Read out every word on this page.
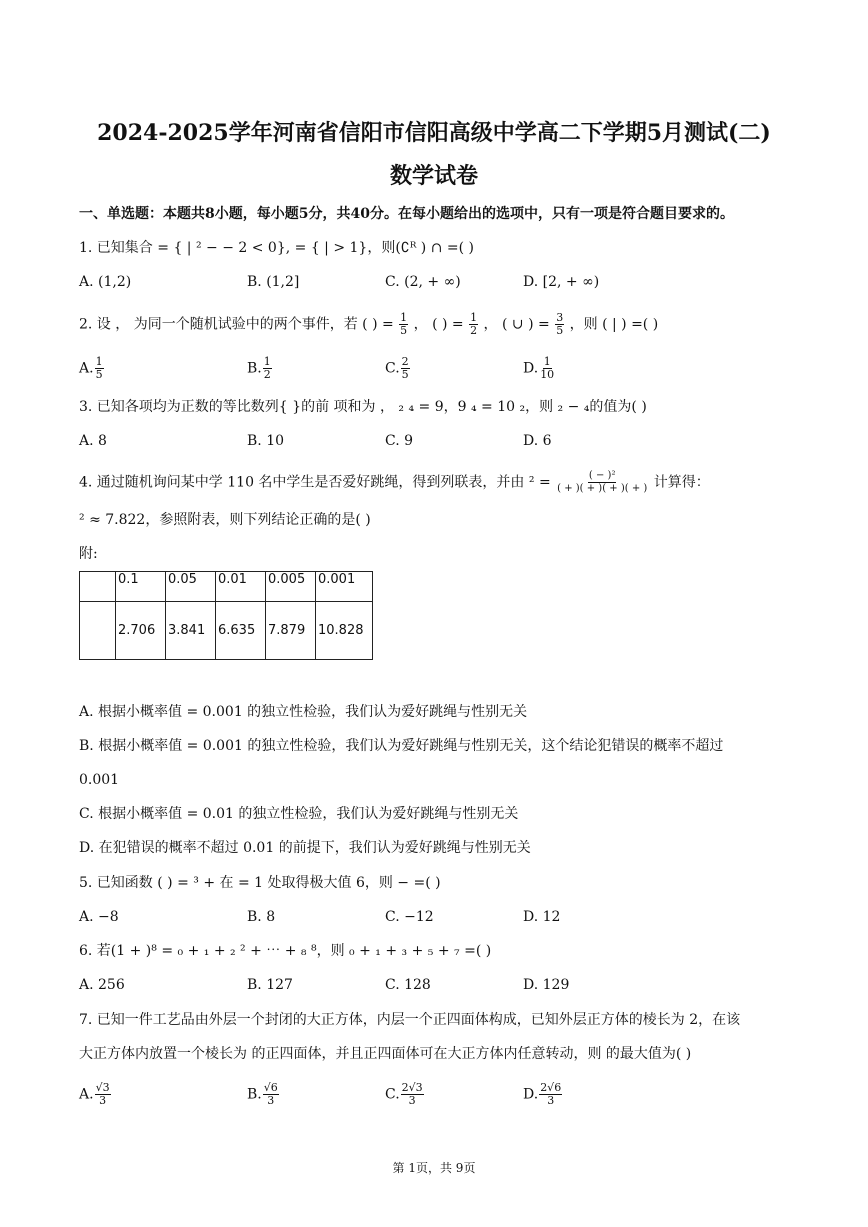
2024-2025学年河南省信阳市信阳高级中学高二下学期5月测试(二)
数学试卷
一、单选题：本题共8小题，每小题5分，共40分。在每小题给出的选项中，只有一项是符合题目要求的。
1. 已知集合 = { | ² − − 2 < 0}, = { | > 1}，则(∁ᴿ ) ∩ =( )
A. (1,2)	B. (1,2]	C. (2, + ∞)	D. [2, + ∞)
2. 设 ， 为同一个随机试验中的两个事件，若 ( ) = $\frac{1}{5}$ ， ( ) = $\frac{1}{2}$ ， ( ∪ ) = $\frac{3}{5}$ ，则 ( | ) =( )
A. $\frac{1}{5}$	B. $\frac{1}{2}$	C. $\frac{2}{5}$	D. $\frac{1}{10}$
3. 已知各项均为正数的等比数列{ }的前 项和为 ， ₂ ₄ = 9，9 ₄ = 10 ₂，则 ₂ − ₄的值为( )
A. 8	B. 10	C. 9	D. 6
4. 通过随机询问某中学 110 名中学生是否爱好跳绳，得到列联表，并由 $^2 = \frac{\text{( − )²}}{( + )( + )( + )( + )}$ 计算得：
² ≈ 7.822，参照附表，则下列结论正确的是( )
附:
	0.1	0.05	0.01	0.005	0.001
	2.706	3.841	6.635	7.879	10.828
A. 根据小概率值 = 0.001 的独立性检验，我们认为爱好跳绳与性别无关
B. 根据小概率值 = 0.001 的独立性检验，我们认为爱好跳绳与性别无关，这个结论犯错误的概率不超过
0.001
C. 根据小概率值 = 0.01 的独立性检验，我们认为爱好跳绳与性别无关
D. 在犯错误的概率不超过 0.01 的前提下，我们认为爱好跳绳与性别无关
5. 已知函数 ( ) = ³ + 在 = 1 处取得极大值 6，则 − =( )
A. −8	B. 8	C. −12	D. 12
6. 若(1 + )⁸ = ₀ + ₁ + ₂ ² + ⋯ + ₈ ⁸，则 ₀ + ₁ + ₃ + ₅ + ₇ =( )
A. 256	B. 127	C. 128	D. 129
7. 已知一件工艺品由外层一个封闭的大正方体，内层一个正四面体构成，已知外层正方体的棱长为 2，在该
大正方体内放置一个棱长为 的正四面体，并且正四面体可在大正方体内任意转动，则 的最大值为( )
A. $\frac{√3}{3}$	B. $\frac{√6}{3}$	C. $\frac{2√3}{3}$	D. $\frac{2√6}{3}$
第 1页，共 9页
